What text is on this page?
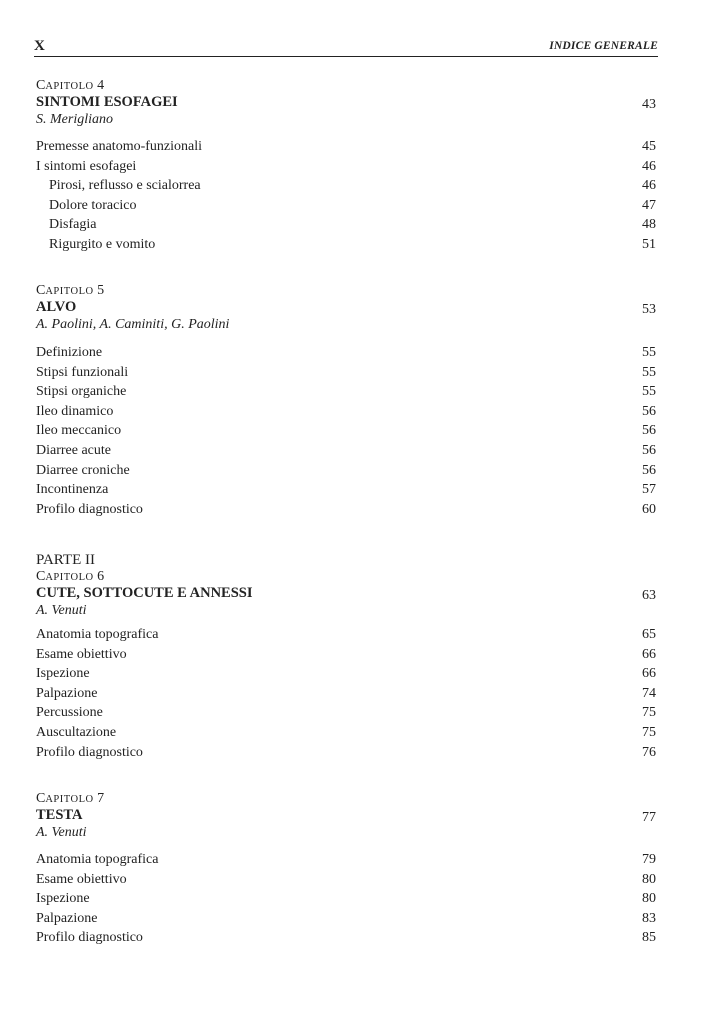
X	INDICE GENERALE
CAPITOLO 4
SINTOMI ESOFAGEI	43
S. Merigliano
Premesse anatomo-funzionali	45
I sintomi esofagei	46
Pirosi, reflusso e scialorrea	46
Dolore toracico	47
Disfagia	48
Rigurgito e vomito	51
CAPITOLO 5
ALVO	53
A. Paolini, A. Caminiti, G. Paolini
Definizione	55
Stipsi funzionali	55
Stipsi organiche	55
Ileo dinamico	56
Ileo meccanico	56
Diarree acute	56
Diarree croniche	56
Incontinenza	57
Profilo diagnostico	60
PARTE II
CAPITOLO 6
CUTE, SOTTOCUTE E ANNESSI	63
A. Venuti
Anatomia topografica	65
Esame obiettivo	66
Ispezione	66
Palpazione	74
Percussione	75
Auscultazione	75
Profilo diagnostico	76
CAPITOLO 7
TESTA	77
A. Venuti
Anatomia topografica	79
Esame obiettivo	80
Ispezione	80
Palpazione	83
Profilo diagnostico	85
